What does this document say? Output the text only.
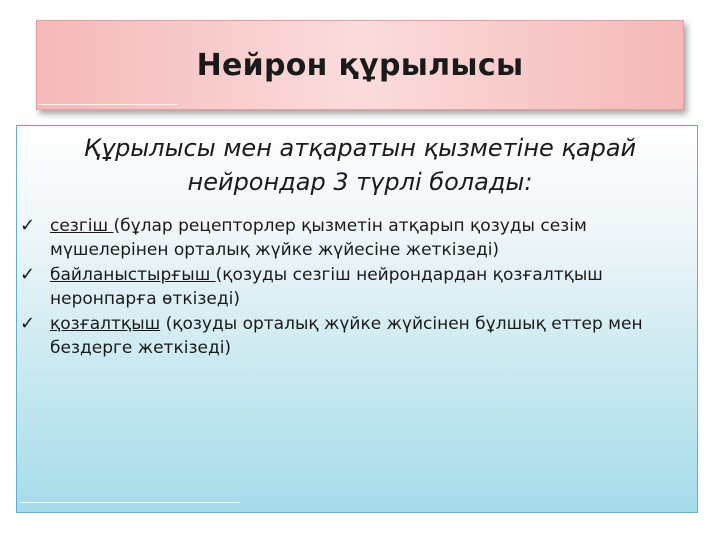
Нейрон құрылысы
Құрылысы мен атқаратын қызметіне қарай
нейрондар 3 түрлі болады:
✓ сезгіш (бұлар рецепторлер қызметін атқарып қозуды сезім мүшелерінен орталық жүйке жүйесіне жеткізеді)
✓ байланыстырғыш (қозуды сезгіш нейрондардан қозғалтқыш неронпарға өткізеді)
✓ қозғалтқыш (қозуды орталық жүйке жүйсінен бұлшық еттер мен бездерге жеткізеді)
